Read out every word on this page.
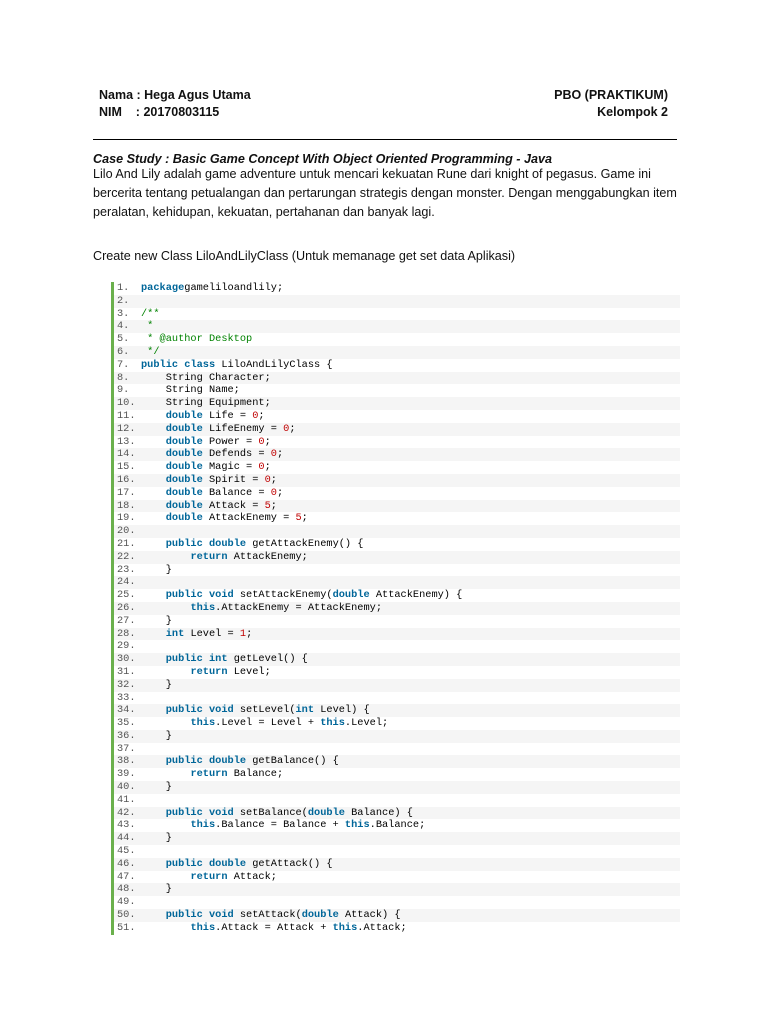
Nama : Hega Agus Utama
NIM    : 20170803115
PBO (PRAKTIKUM)
Kelompok 2
Case Study : Basic Game Concept With Object Oriented Programming - Java
Lilo And Lily adalah game adventure untuk mencari kekuatan Rune dari knight of pegasus. Game ini bercerita tentang petualangan dan pertarungan strategis dengan monster. Dengan menggabungkan item peralatan, kehidupan, kekuatan, pertahanan dan banyak lagi.
Create new Class LiloAndLilyClass (Untuk memanage get set data Aplikasi)
1.	packagegameliloandlily;
2.
3.	/**
4.	*
5.	* @author Desktop
6.	*/
7.	public class LiloAndLilyClass {
8.	String Character;
9.	String Name;
10. String Equipment;
11.	double Life = 0;
12.	double LifeEnemy = 0;
13.	double Power = 0;
14.	double Defends = 0;
15.	double Magic = 0;
16.	double Spirit = 0;
17.	double Balance = 0;
18.	double Attack = 5;
19.	double AttackEnemy = 5;
20.
21.	public double getAttackEnemy() {
22.	return AttackEnemy;
23. }
24.
25.	public void setAttackEnemy(double AttackEnemy) {
26.	this.AttackEnemy = AttackEnemy;
27. }
28.	int Level = 1;
29.
30.	public int getLevel() {
31.	return Level;
32. }
33.
34.	public void setLevel(int Level) {
35.	this.Level = Level + this.Level;
36. }
37.
38.	public double getBalance() {
39.	return Balance;
40. }
41.
42.	public void setBalance(double Balance) {
43.	this.Balance = Balance + this.Balance;
44. }
45.
46.	public double getAttack() {
47.	return Attack;
48. }
49.
50.	public void setAttack(double Attack) {
51.	this.Attack = Attack + this.Attack;
